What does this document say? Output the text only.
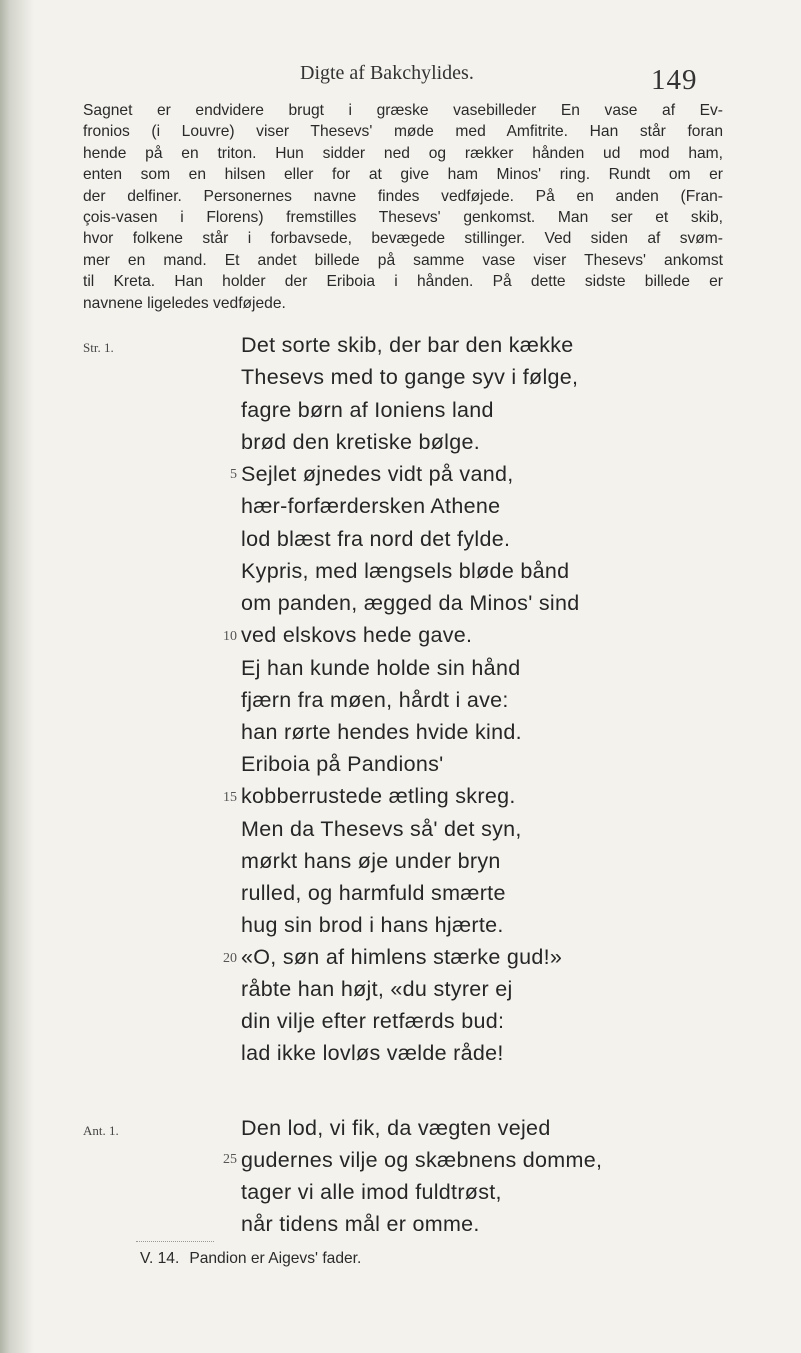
Digte af Bakchylides.	149
Sagnet er endvidere brugt i græske vasebilleder En vase af Ev-
fronios (i Louvre) viser Thesevs' møde med Amfitrite. Han står foran
hende på en triton. Hun sidder ned og rækker hånden ud mod ham,
enten som en hilsen eller for at give ham Minos' ring. Rundt om er
der delfiner. Personernes navne findes vedføjede. På en anden (Fran-
çois-vasen i Florens) fremstilles Thesevs' genkomst. Man ser et skib,
hvor folkene står i forbavsede, bevægede stillinger. Ved siden af svøm-
mer en mand. Et andet billede på samme vase viser Thesevs' ankomst
til Kreta. Han holder der Eriboia i hånden. På dette sidste billede er
navnene ligeledes vedføjede.
Str. 1.
Ant. 1.
5
10
15
20
25
Det sorte skib, der bar den kække
Thesevs med to gange syv i følge,
fagre børn af Ioniens land
brød den kretiske bølge.
Sejlet øjnedes vidt på vand,
hær-forfærdersken Athene
lod blæst fra nord det fylde.
Kypris, med længsels bløde bånd
om panden, ægged da Minos' sind
ved elskovs hede gave.
Ej han kunde holde sin hånd
fjærn fra møen, hårdt i ave:
han rørte hendes hvide kind.
Eriboia på Pandions'
kobberrustede ætling skreg.
Men da Thesevs så' det syn,
mørkt hans øje under bryn
rulled, og harmfuld smærte
hug sin brod i hans hjærte.
«O, søn af himlens stærke gud!»
råbte han højt, «du styrer ej
din vilje efter retfærds bud:
lad ikke lovløs vælde råde!
Den lod, vi fik, da vægten vejed
gudernes vilje og skæbnens domme,
tager vi alle imod fuldtrøst,
når tidens mål er omme.
V. 14. Pandion er Aigevs' fader.
